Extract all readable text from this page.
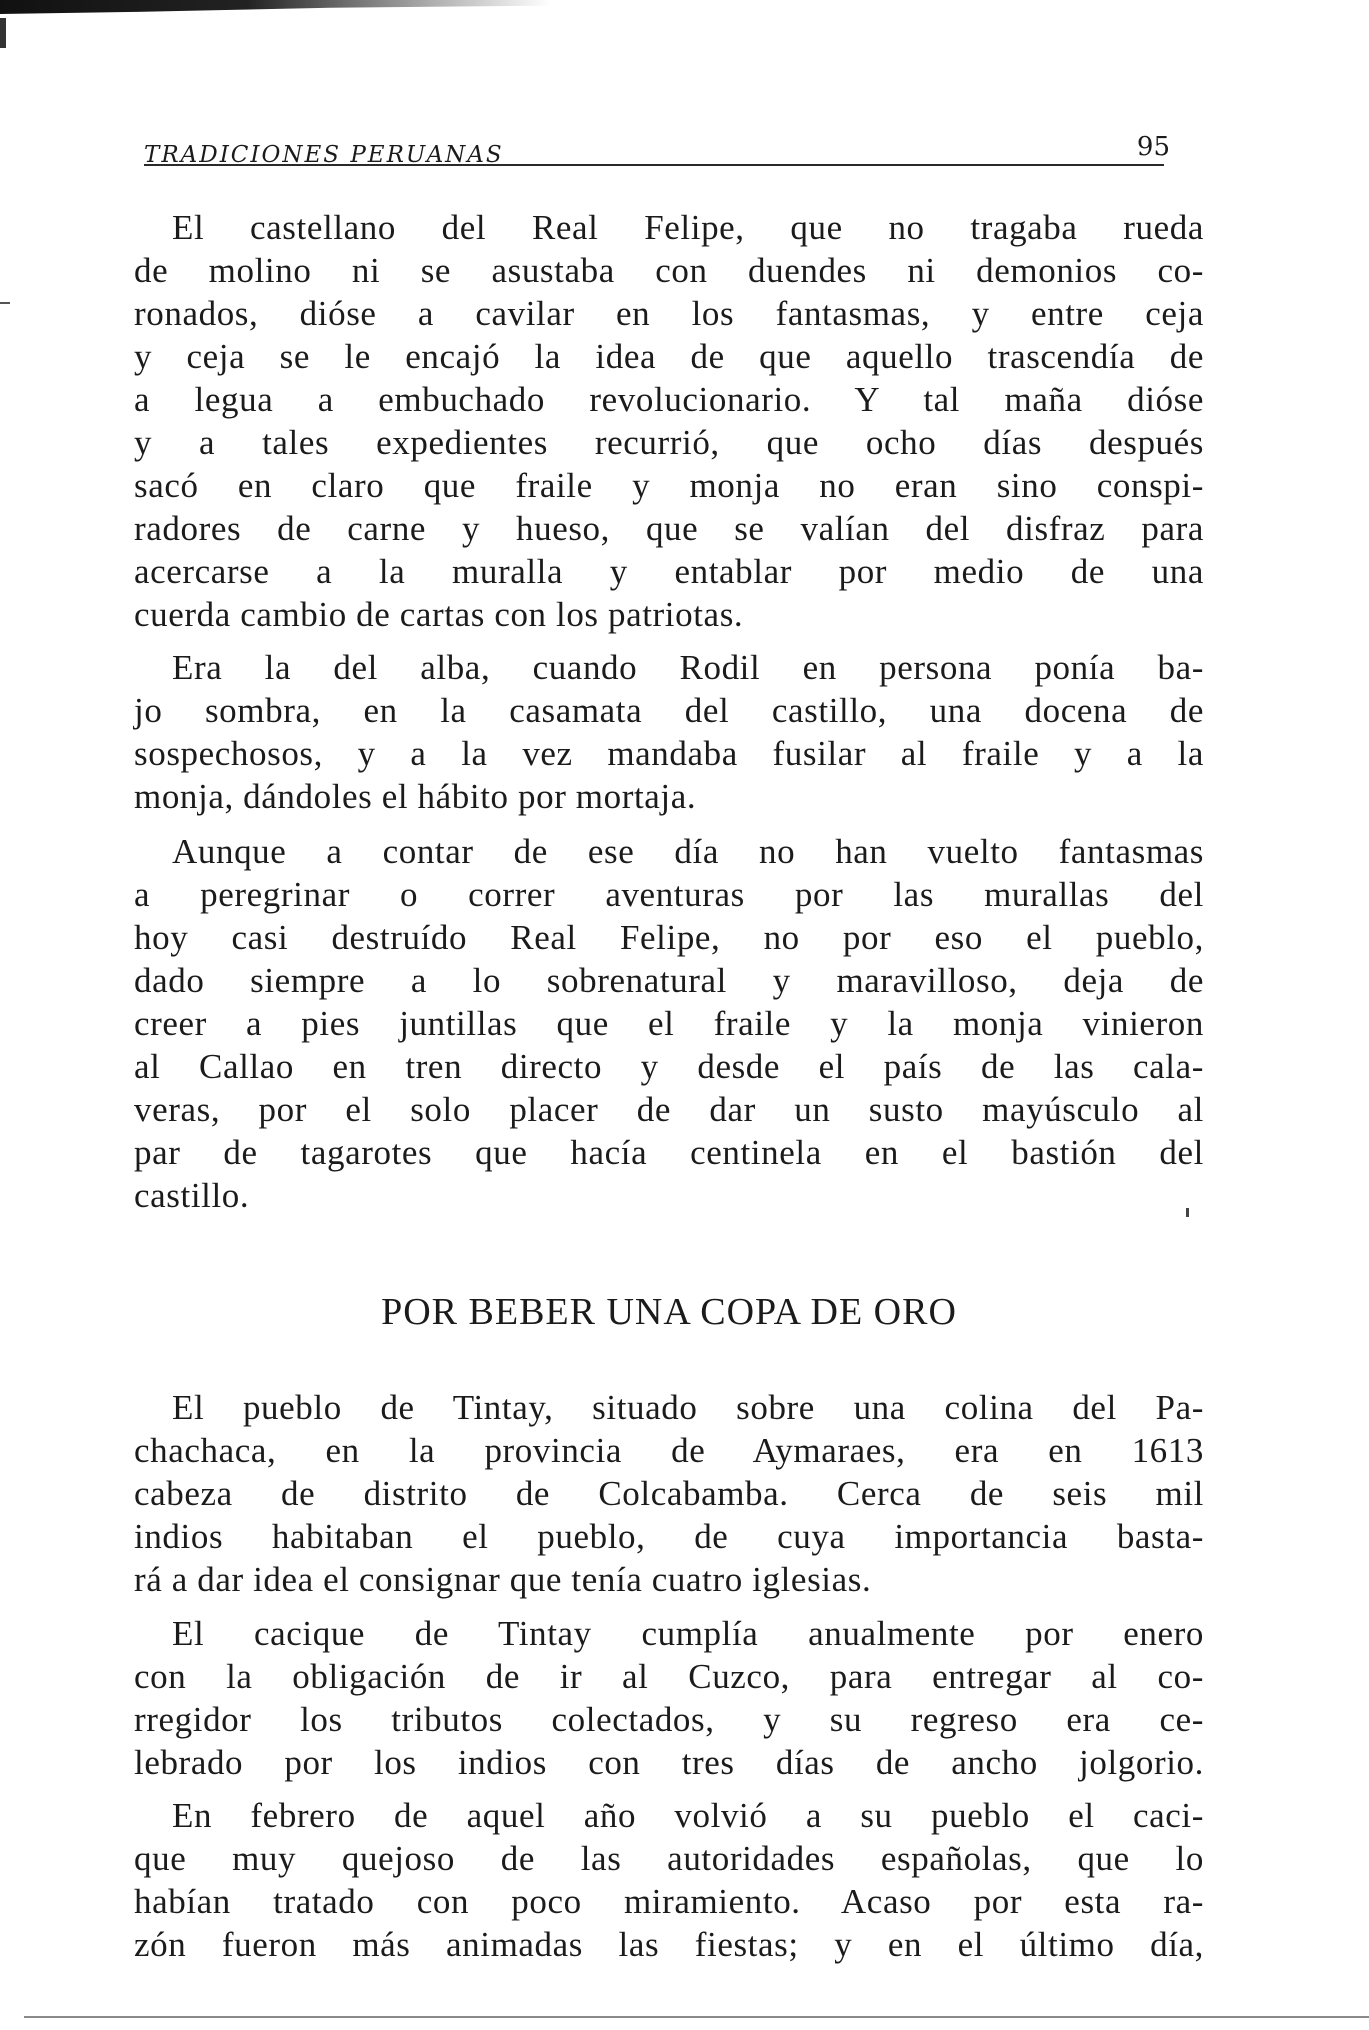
TRADICIONES PERUANAS	95
El castellano del Real Felipe, que no tragaba rueda
de molino ni se asustaba con duendes ni demonios co-
ronados, dióse a cavilar en los fantasmas, y entre ceja
y ceja se le encajó la idea de que aquello trascendía de
a legua a embuchado revolucionario. Y tal maña dióse
y a tales expedientes recurrió, que ocho días después
sacó en claro que fraile y monja no eran sino conspi-
radores de carne y hueso, que se valían del disfraz para
acercarse a la muralla y entablar por medio de una
cuerda cambio de cartas con los patriotas.
Era la del alba, cuando Rodil en persona ponía ba-
jo sombra, en la casamata del castillo, una docena de
sospechosos, y a la vez mandaba fusilar al fraile y a la
monja, dándoles el hábito por mortaja.
Aunque a contar de ese día no han vuelto fantasmas
a peregrinar o correr aventuras por las murallas del
hoy casi destruído Real Felipe, no por eso el pueblo,
dado siempre a lo sobrenatural y maravilloso, deja de
creer a pies juntillas que el fraile y la monja vinieron
al Callao en tren directo y desde el país de las cala-
veras, por el solo placer de dar un susto mayúsculo al
par de tagarotes que hacía centinela en el bastión del
castillo.
POR BEBER UNA COPA DE ORO
El pueblo de Tintay, situado sobre una colina del Pa-
chachaca, en la provincia de Aymaraes, era en 1613
cabeza de distrito de Colcabamba. Cerca de seis mil
indios habitaban el pueblo, de cuya importancia basta-
rá a dar idea el consignar que tenía cuatro iglesias.
El cacique de Tintay cumplía anualmente por enero
con la obligación de ir al Cuzco, para entregar al co-
rregidor los tributos colectados, y su regreso era ce-
lebrado por los indios con tres días de ancho jolgorio.
En febrero de aquel año volvió a su pueblo el caci-
que muy quejoso de las autoridades españolas, que lo
habían tratado con poco miramiento. Acaso por esta ra-
zón fueron más animadas las fiestas; y en el último día,
